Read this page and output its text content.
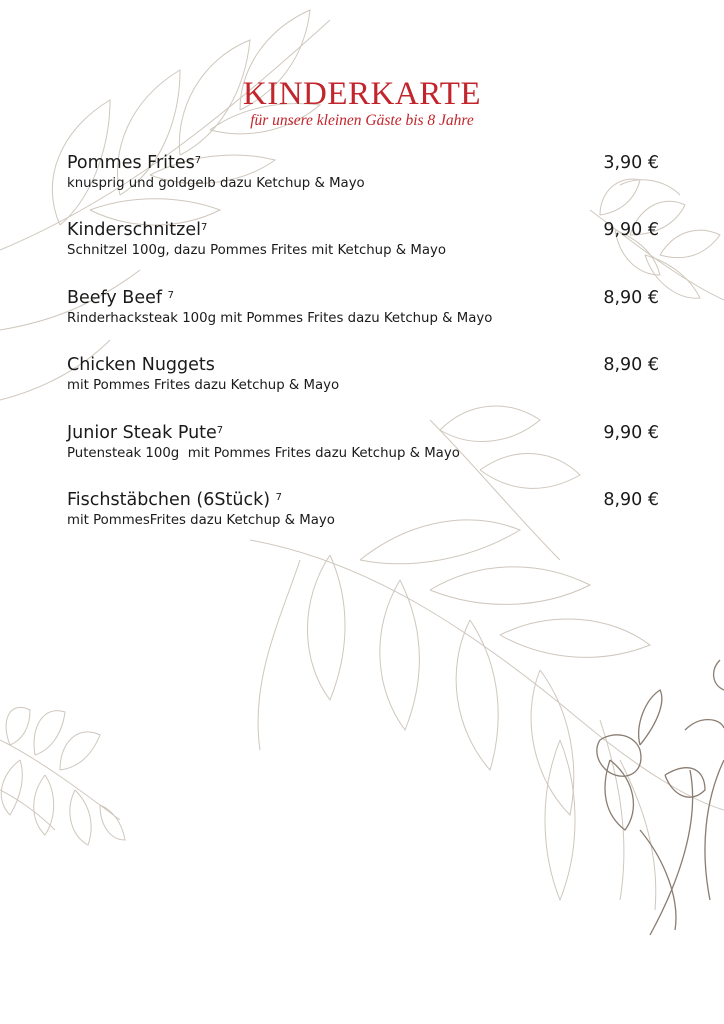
KINDERKARTE
für unsere kleinen Gäste bis 8 Jahre
Pommes Frites$^7$	3,90 €
knusprig und goldgelb dazu Ketchup & Mayo
Kinderschnitzel$^7$	9,90 €
Schnitzel 100g, dazu Pommes Frites mit Ketchup & Mayo
Beefy Beef $^7$	8,90 €
Rinderhacksteak 100g mit Pommes Frites dazu Ketchup & Mayo
Chicken Nuggets	8,90 €
mit Pommes Frites dazu Ketchup & Mayo
Junior Steak Pute$^7$	9,90 €
Putensteak 100g  mit Pommes Frites dazu Ketchup & Mayo
Fischstäbchen (6Stück) $^7$	8,90 €
mit PommesFrites dazu Ketchup & Mayo
